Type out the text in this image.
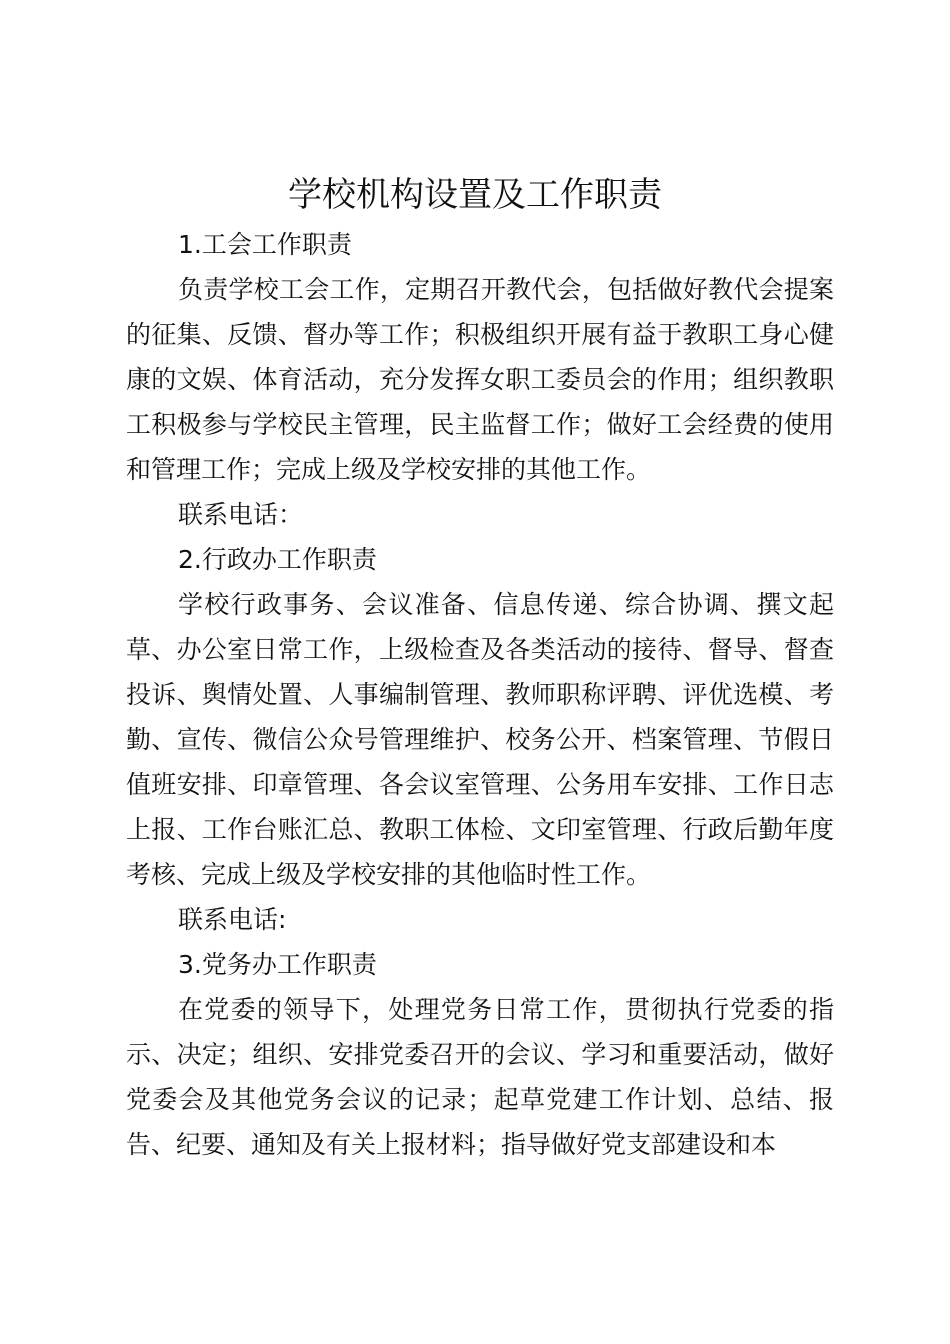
学校机构设置及工作职责

1.工会工作职责

负责学校工会工作，定期召开教代会，包括做好教代会提案的征集、反馈、督办等工作；积极组织开展有益于教职工身心健康的文娱、体育活动，充分发挥女职工委员会的作用；组织教职工积极参与学校民主管理，民主监督工作；做好工会经费的使用和管理工作；完成上级及学校安排的其他工作。

联系电话：

2.行政办工作职责

学校行政事务、会议准备、信息传递、综合协调、撰文起草、办公室日常工作，上级检查及各类活动的接待、督导、督查投诉、舆情处置、人事编制管理、教师职称评聘、评优选模、考勤、宣传、微信公众号管理维护、校务公开、档案管理、节假日值班安排、印章管理、各会议室管理、公务用车安排、工作日志上报、工作台账汇总、教职工体检、文印室管理、行政后勤年度考核、完成上级及学校安排的其他临时性工作。

联系电话:

3.党务办工作职责

在党委的领导下，处理党务日常工作，贯彻执行党委的指示、决定；组织、安排党委召开的会议、学习和重要活动，做好党委会及其他党务会议的记录；起草党建工作计划、总结、报告、纪要、通知及有关上报材料；指导做好党支部建设和本
